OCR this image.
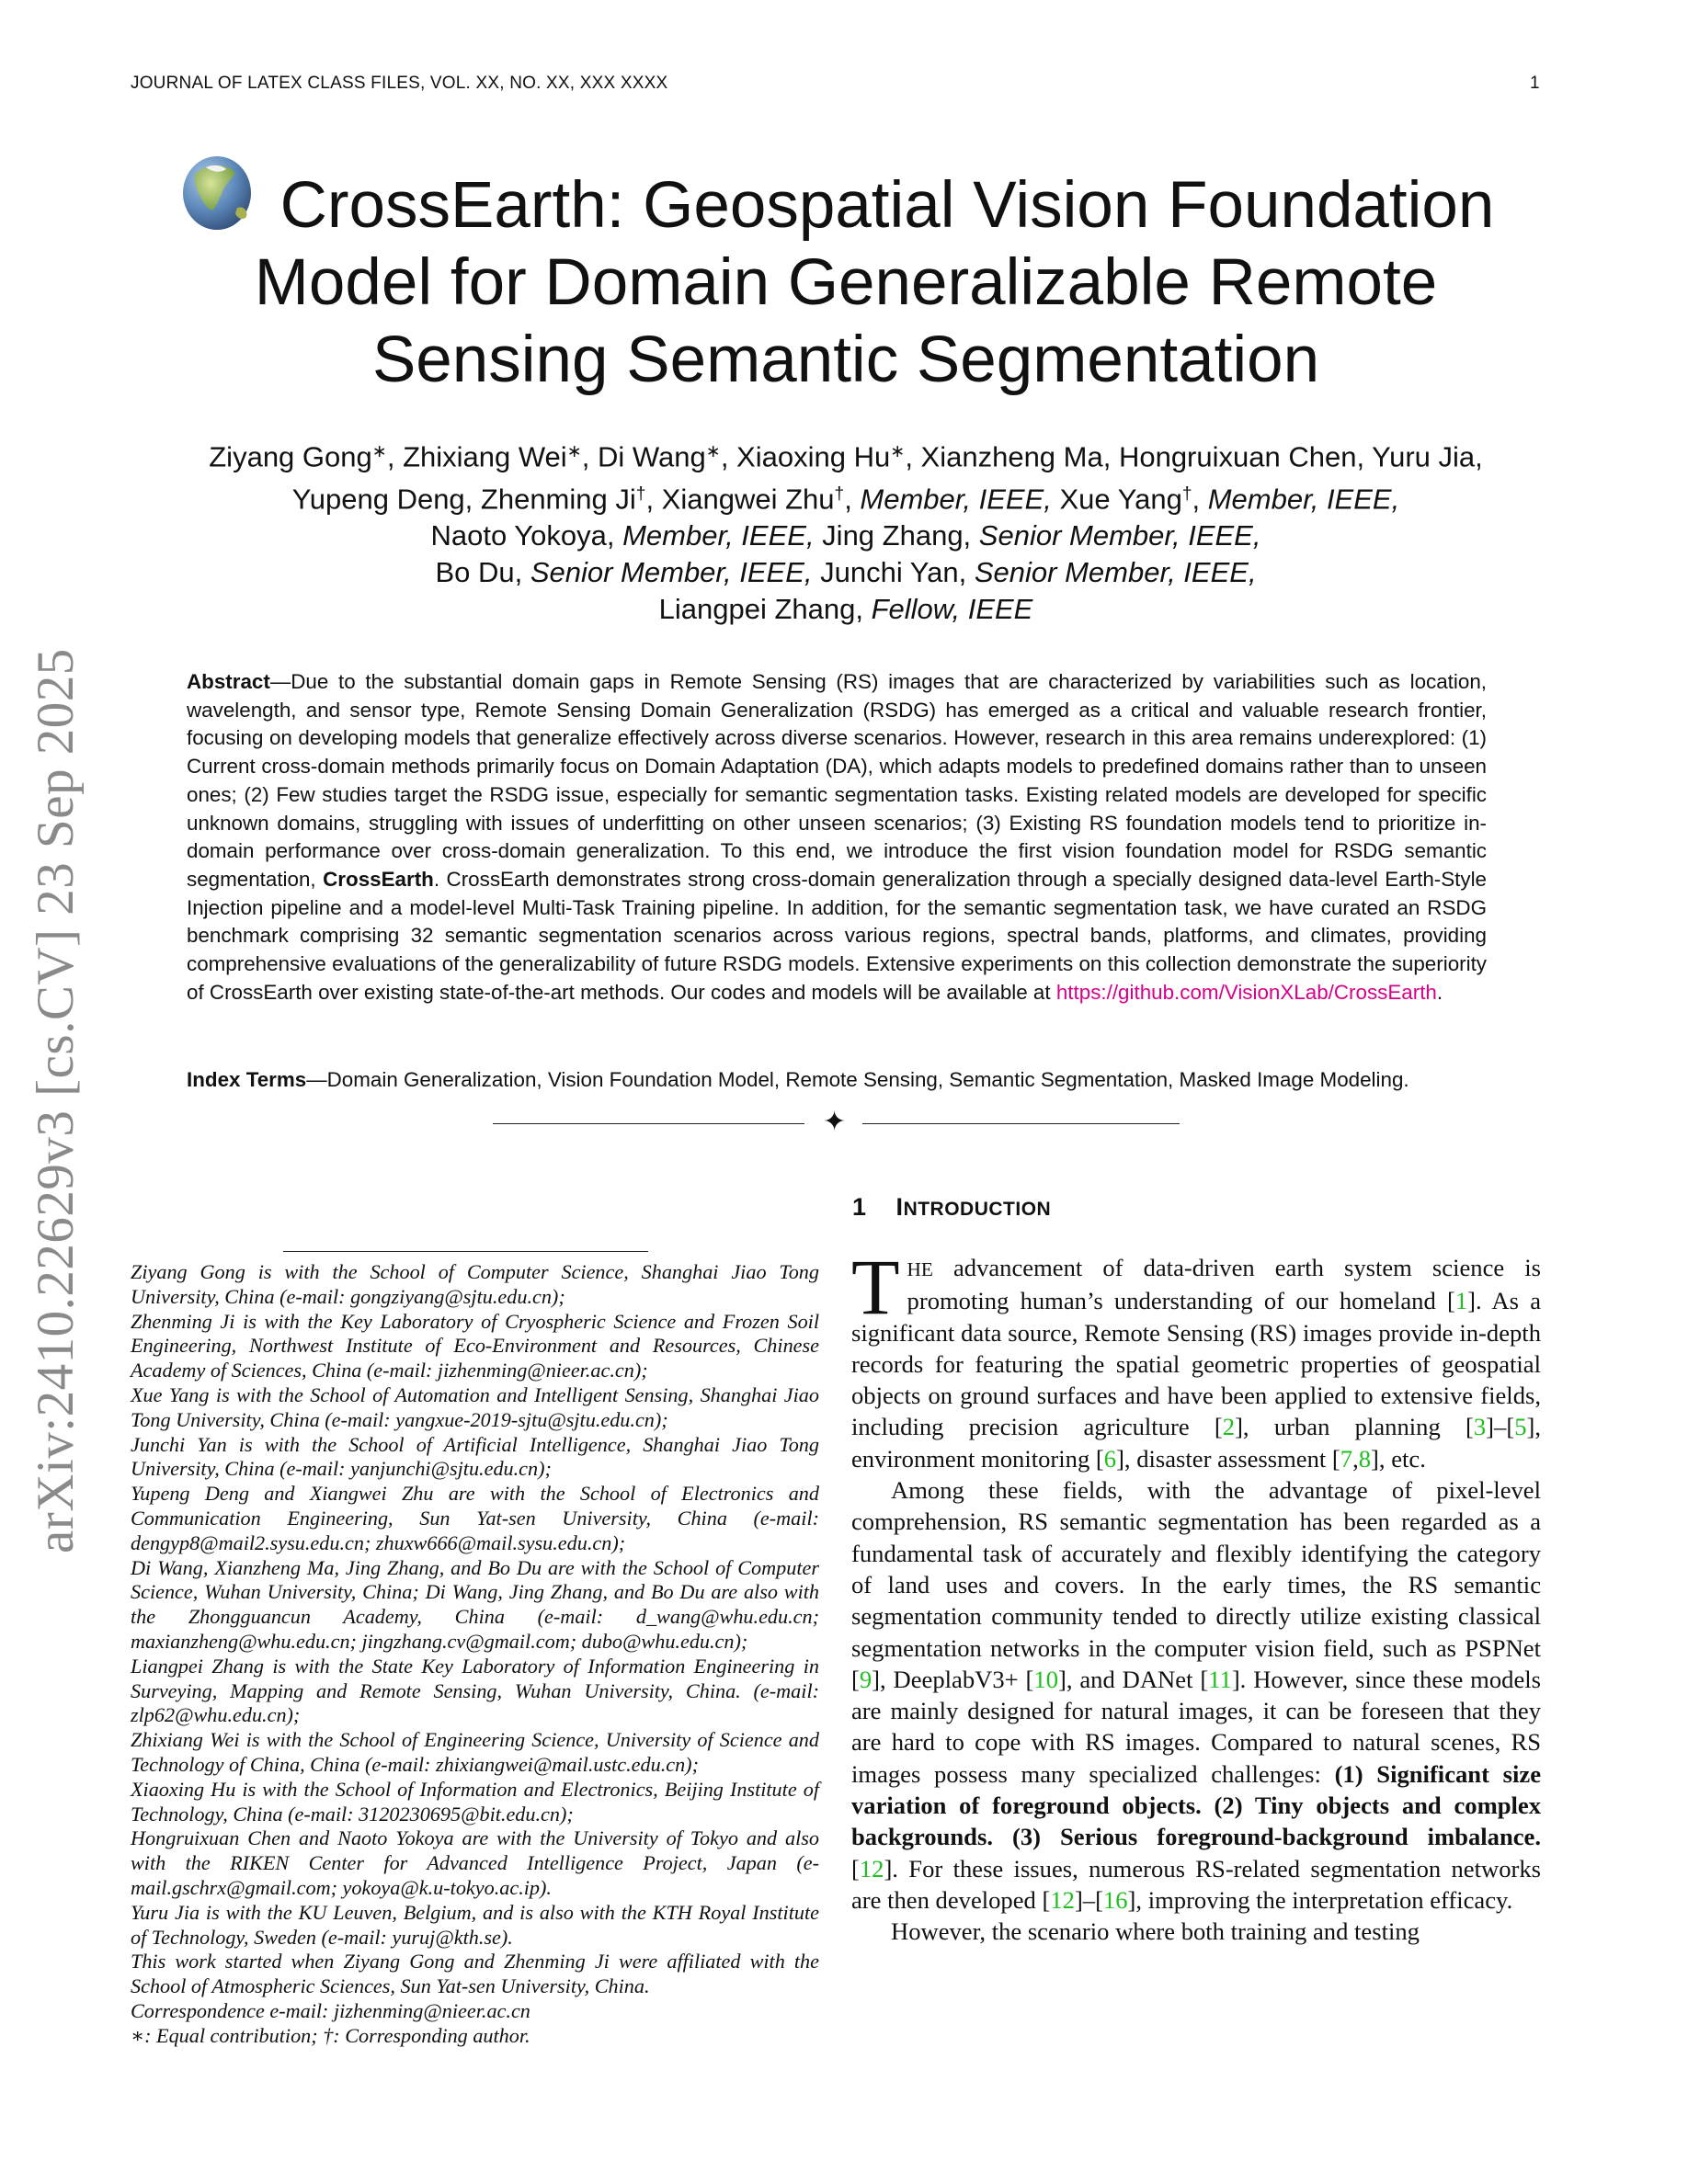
JOURNAL OF LATEX CLASS FILES, VOL. XX, NO. XX, XXX XXXX	1
arXiv:2410.22629v3 [cs.CV] 23 Sep 2025
CrossEarth: Geospatial Vision Foundation
Model for Domain Generalizable Remote
Sensing Semantic Segmentation
Ziyang Gong∗, Zhixiang Wei∗, Di Wang∗, Xiaoxing Hu∗, Xianzheng Ma, Hongruixuan Chen, Yuru Jia,
Yupeng Deng, Zhenming Ji†, Xiangwei Zhu†, Member, IEEE, Xue Yang†, Member, IEEE,
Naoto Yokoya, Member, IEEE, Jing Zhang, Senior Member, IEEE,
Bo Du, Senior Member, IEEE, Junchi Yan, Senior Member, IEEE,
Liangpei Zhang, Fellow, IEEE
Abstract—Due to the substantial domain gaps in Remote Sensing (RS) images that are characterized by variabilities such as location, wavelength, and sensor type, Remote Sensing Domain Generalization (RSDG) has emerged as a critical and valuable research frontier, focusing on developing models that generalize effectively across diverse scenarios. However, research in this area remains underexplored: (1) Current cross-domain methods primarily focus on Domain Adaptation (DA), which adapts models to predefined domains rather than to unseen ones; (2) Few studies target the RSDG issue, especially for semantic segmentation tasks. Existing related models are developed for specific unknown domains, struggling with issues of underfitting on other unseen scenarios; (3) Existing RS foundation models tend to prioritize in-domain performance over cross-domain generalization. To this end, we introduce the first vision foundation model for RSDG semantic segmentation, CrossEarth. CrossEarth demonstrates strong cross-domain generalization through a specially designed data-level Earth-Style Injection pipeline and a model-level Multi-Task Training pipeline. In addition, for the semantic segmentation task, we have curated an RSDG benchmark comprising 32 semantic segmentation scenarios across various regions, spectral bands, platforms, and climates, providing comprehensive evaluations of the generalizability of future RSDG models. Extensive experiments on this collection demonstrate the superiority of CrossEarth over existing state-of-the-art methods. Our codes and models will be available at https://github.com/VisionXLab/CrossEarth.
Index Terms—Domain Generalization, Vision Foundation Model, Remote Sensing, Semantic Segmentation, Masked Image Modeling.
✦

Ziyang Gong is with the School of Computer Science, Shanghai Jiao Tong University, China (e-mail: gongziyang@sjtu.edu.cn);

Zhenming Ji is with the Key Laboratory of Cryospheric Science and Frozen Soil Engineering, Northwest Institute of Eco-Environment and Resources, Chinese Academy of Sciences, China (e-mail: jizhenming@nieer.ac.cn);

Xue Yang is with the School of Automation and Intelligent Sensing, Shanghai Jiao Tong University, China (e-mail: yangxue-2019-sjtu@sjtu.edu.cn);

Junchi Yan is with the School of Artificial Intelligence, Shanghai Jiao Tong University, China (e-mail: yanjunchi@sjtu.edu.cn);

Yupeng Deng and Xiangwei Zhu are with the School of Electronics and Communication Engineering, Sun Yat-sen University, China (e-mail: dengyp8@mail2.sysu.edu.cn; zhuxw666@mail.sysu.edu.cn);

Di Wang, Xianzheng Ma, Jing Zhang, and Bo Du are with the School of Computer Science, Wuhan University, China; Di Wang, Jing Zhang, and Bo Du are also with the Zhongguancun Academy, China (e-mail: d_wang@whu.edu.cn; maxianzheng@whu.edu.cn; jingzhang.cv@gmail.com; dubo@whu.edu.cn);

Liangpei Zhang is with the State Key Laboratory of Information Engineering in Surveying, Mapping and Remote Sensing, Wuhan University, China. (e-mail: zlp62@whu.edu.cn);

Zhixiang Wei is with the School of Engineering Science, University of Science and Technology of China, China (e-mail: zhixiangwei@mail.ustc.edu.cn);

Xiaoxing Hu is with the School of Information and Electronics, Beijing Institute of Technology, China (e-mail: 3120230695@bit.edu.cn);

Hongruixuan Chen and Naoto Yokoya are with the University of Tokyo and also with the RIKEN Center for Advanced Intelligence Project, Japan (e-mail.gschrx@gmail.com; yokoya@k.u-tokyo.ac.ip).

Yuru Jia is with the KU Leuven, Belgium, and is also with the KTH Royal Institute of Technology, Sweden (e-mail: yuruj@kth.se).

This work started when Ziyang Gong and Zhenming Ji were affiliated with the School of Atmospheric Sciences, Sun Yat-sen University, China.

Correspondence e-mail: jizhenming@nieer.ac.cn

∗: Equal contribution; †: Corresponding author.

1 INTRODUCTION

THE advancement of data-driven earth system science is promoting human’s understanding of our homeland [1]. As a significant data source, Remote Sensing (RS) images provide in-depth records for featuring the spatial geometric properties of geospatial objects on ground surfaces and have been applied to extensive fields, including precision agriculture [2], urban planning [3]–[5], environment monitoring [6], disaster assessment [7,8], etc.

Among these fields, with the advantage of pixel-level comprehension, RS semantic segmentation has been regarded as a fundamental task of accurately and flexibly identifying the category of land uses and covers. In the early times, the RS semantic segmentation community tended to directly utilize existing classical segmentation networks in the computer vision field, such as PSPNet [9], DeeplabV3+ [10], and DANet [11]. However, since these models are mainly designed for natural images, it can be foreseen that they are hard to cope with RS images. Compared to natural scenes, RS images possess many specialized challenges: (1) Significant size variation of foreground objects. (2) Tiny objects and complex backgrounds. (3) Serious foreground-background imbalance. [12]. For these issues, numerous RS-related segmentation networks are then developed [12]–[16], improving the interpretation efficacy.

However, the scenario where both training and testing
